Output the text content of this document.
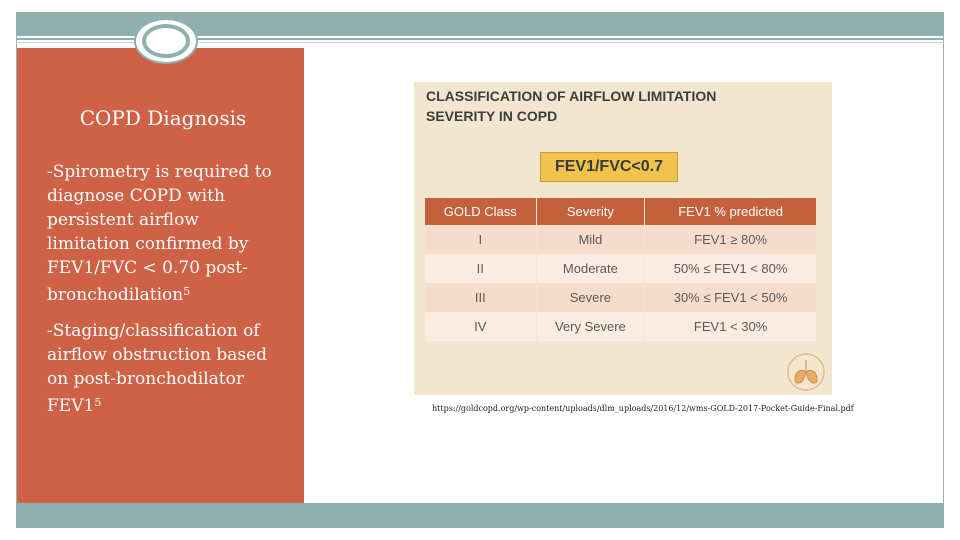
COPD Diagnosis
-Spirometry is required to diagnose COPD with persistent airflow limitation confirmed by FEV1/FVC < 0.70 post-bronchodilation$^5$
-Staging/classification of airflow obstruction based on post-bronchodilator $FEV1^5$
CLASSIFICATION OF AIRFLOW LIMITATION
SEVERITY IN COPD
FEV1/FVC<0.7
GOLD Class	Severity	FEV1 % predicted
I	Mild	FEV1 ≥ 80%
II	Moderate	50% ≤ FEV1 < 80%
III	Severe	30% ≤ FEV1 < 50%
IV	Very Severe	FEV1 < 30%
https://goldcopd.org/wp-content/uploads/dlm_uploads/2016/12/wms-GOLD-2017-Pocket-Guide-Final.pdf
